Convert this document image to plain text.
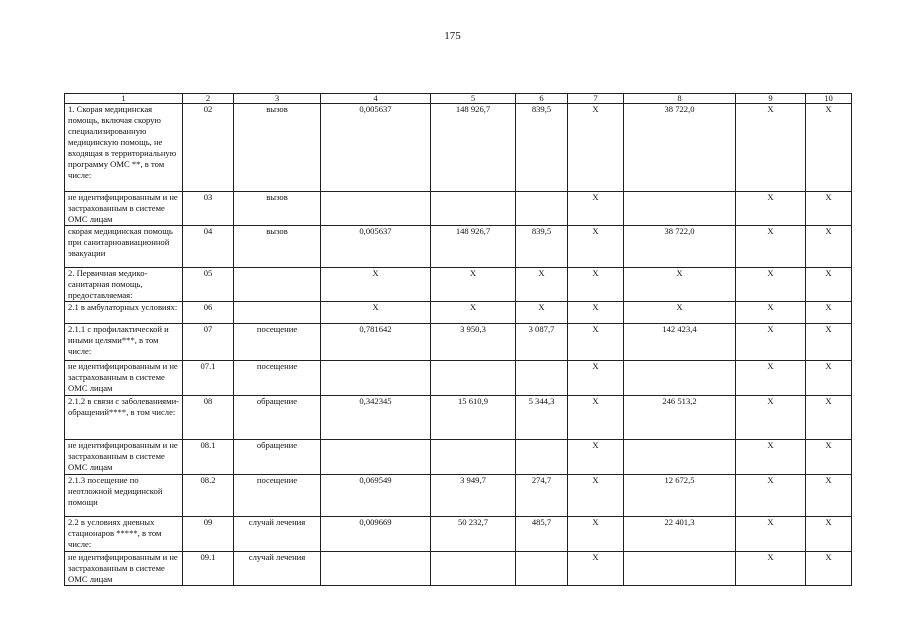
175
1	2	3	4	5	6	7	8	9	10
1. Скорая медицинская помощь, включая скорую специализированную медицинскую помощь, не входящая в территориальную программу ОМС **, в том числе:	02	вызов	0,005637	148 926,7	839,5	X	38 722,0	X	X
не идентифицированным и не застрахованным в системе ОМС лицам	03	вызов				X		X	X
скорая медицинская помощь при санитарноавиационной эвакуации	04	вызов	0,005637	148 926,7	839,5	X	38 722,0	X	X
2. Первичная медико-санитарная помощь, предоставляемая:	05		X	X	X	X	X	X	X
2.1 в амбулаторных условиях:	06		X	X	X	X	X	X	X
2.1.1 с профилактической и иными целями***, в том числе:	07	посещение	0,781642	3 950,3	3 087,7	X	142 423,4	X	X
не идентифицированным и не застрахованным в системе ОМС лицам	07.1	посещение				X		X	X
2.1.2 в связи с заболеваниями-обращений****, в том числе:	08	обращение	0,342345	15 610,9	5 344,3	X	246 513,2	X	X
не идентифицированным и не застрахованным в системе ОМС лицам	08.1	обращение				X		X	X
2.1.3 посещение по неотложной медицинской помощи	08.2	посещение	0,069549	3 949,7	274,7	X	12 672,5	X	X
2.2 в условиях дневных стационаров *****, в том числе:	09	случай лечения	0,009669	50 232,7	485,7	X	22 401,3	X	X
не идентифицированным и не застрахованным в системе ОМС лицам	09.1	случай лечения				X		X	X
